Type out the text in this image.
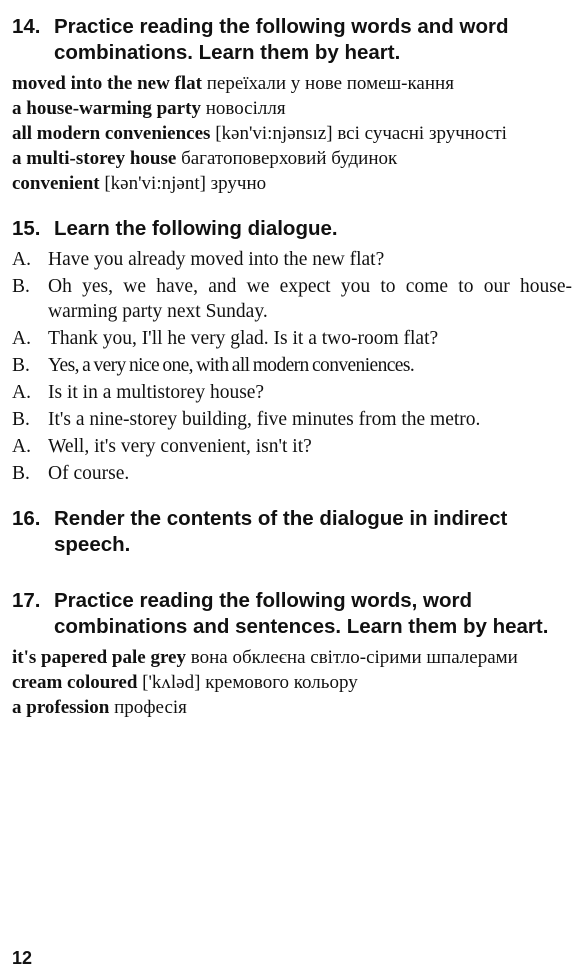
14. Practice reading the following words and word combinations. Learn them by heart.
moved into the new flat переїхали у нове помеш-кання
a house-warming party новосілля
all modern conveniences [kən'vi:njənsız] всі сучасні зручності
a multi-storey house багатоповерховий будинок
convenient [kən'vi:njənt] зручно
15. Learn the following dialogue.
A. Have you already moved into the new flat?
B. Oh yes, we have, and we expect you to come to our house-warming party next Sunday.
A. Thank you, I'll he very glad. Is it a two-room flat?
B. Yes, a very nice one, with all modern conveniences.
A. Is it in a multistorey house?
B. It's a nine-storey building, five minutes from the metro.
A. Well, it's very convenient, isn't it?
B. Of course.
16. Render the contents of the dialogue in indirect speech.
17. Practice reading the following words, word combinations and sentences. Learn them by heart.
it's papered pale grey вона обклеєна світло-сірими шпалерами
cream coloured ['kʌləd] кремового кольору
a profession професія
12
